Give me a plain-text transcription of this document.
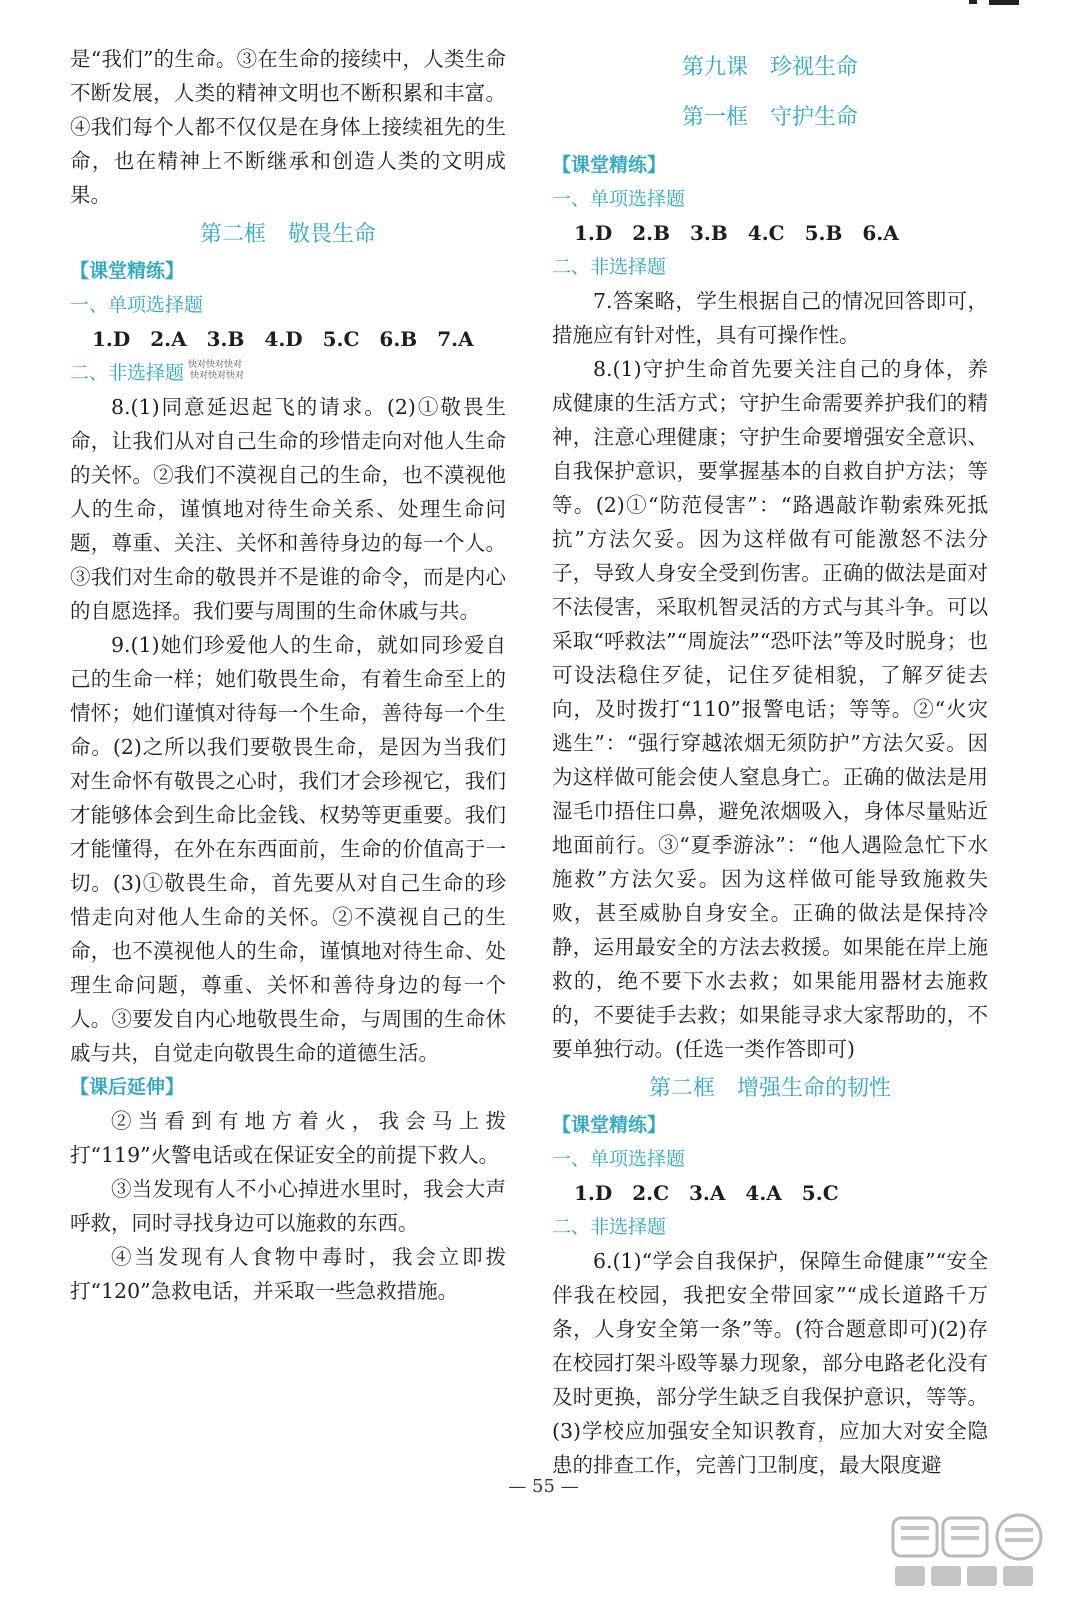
是“我们”的生命。③在生命的接续中，人类生命不断发展，人类的精神文明也不断积累和丰富。④我们每个人都不仅仅是在身体上接续祖先的生命，也在精神上不断继承和创造人类的文明成果。

第二框　敬畏生命
【课堂精练】
一、单项选择题
1.D　2.A　3.B　4.D　5.C　6.B　7.A
二、非选择题 快对快对快对
快对快对快对

8.(1)同意延迟起飞的请求。(2)①敬畏生命，让我们从对自己生命的珍惜走向对他人生命的关怀。②我们不漠视自己的生命，也不漠视他人的生命，谨慎地对待生命关系、处理生命问题，尊重、关注、关怀和善待身边的每一个人。③我们对生命的敬畏并不是谁的命令，而是内心的自愿选择。我们要与周围的生命休戚与共。

9.(1)她们珍爱他人的生命，就如同珍爱自己的生命一样；她们敬畏生命，有着生命至上的情怀；她们谨慎对待每一个生命，善待每一个生命。(2)之所以我们要敬畏生命，是因为当我们对生命怀有敬畏之心时，我们才会珍视它，我们才能够体会到生命比金钱、权势等更重要。我们才能懂得，在外在东西面前，生命的价值高于一切。(3)①敬畏生命，首先要从对自己生命的珍惜走向对他人生命的关怀。②不漠视自己的生命，也不漠视他人的生命，谨慎地对待生命、处理生命问题，尊重、关怀和善待身边的每一个人。③要发自内心地敬畏生命，与周围的生命休戚与共，自觉走向敬畏生命的道德生活。

【课后延伸】

②当看到有地方着火，我会马上拨打“119”火警电话或在保证安全的前提下救人。

③当发现有人不小心掉进水里时，我会大声呼救，同时寻找身边可以施救的东西。

④当发现有人食物中毒时，我会立即拨打“120”急救电话，并采取一些急救措施。

第九课　珍视生命
第一框　守护生命
【课堂精练】
一、单项选择题
1.D　2.B　3.B　4.C　5.B　6.A
二、非选择题

7.答案略，学生根据自己的情况回答即可，措施应有针对性，具有可操作性。

8.(1)守护生命首先要关注自己的身体，养成健康的生活方式；守护生命需要养护我们的精神，注意心理健康；守护生命要增强安全意识、自我保护意识，要掌握基本的自救自护方法；等等。(2)①“防范侵害”：“路遇敲诈勒索殊死抵抗”方法欠妥。因为这样做有可能激怒不法分子，导致人身安全受到伤害。正确的做法是面对不法侵害，采取机智灵活的方式与其斗争。可以采取“呼救法”“周旋法”“恐吓法”等及时脱身；也可设法稳住歹徒，记住歹徒相貌，了解歹徒去向，及时拨打“110”报警电话；等等。②“火灾逃生”：“强行穿越浓烟无须防护”方法欠妥。因为这样做可能会使人窒息身亡。正确的做法是用湿毛巾捂住口鼻，避免浓烟吸入，身体尽量贴近地面前行。③“夏季游泳”：“他人遇险急忙下水施救”方法欠妥。因为这样做可能导致施救失败，甚至威胁自身安全。正确的做法是保持冷静，运用最安全的方法去救援。如果能在岸上施救的，绝不要下水去救；如果能用器材去施救的，不要徒手去救；如果能寻求大家帮助的，不要单独行动。(任选一类作答即可)

第二框　增强生命的韧性
【课堂精练】
一、单项选择题
1.D　2.C　3.A　4.A　5.C
二、非选择题

6.(1)“学会自我保护，保障生命健康”“安全伴我在校园，我把安全带回家”“成长道路千万条，人身安全第一条”等。(符合题意即可)(2)存在校园打架斗殴等暴力现象，部分电路老化没有及时更换，部分学生缺乏自我保护意识，等等。(3)学校应加强安全知识教育，应加大对安全隐患的排查工作，完善门卫制度，最大限度避

— 55 —
